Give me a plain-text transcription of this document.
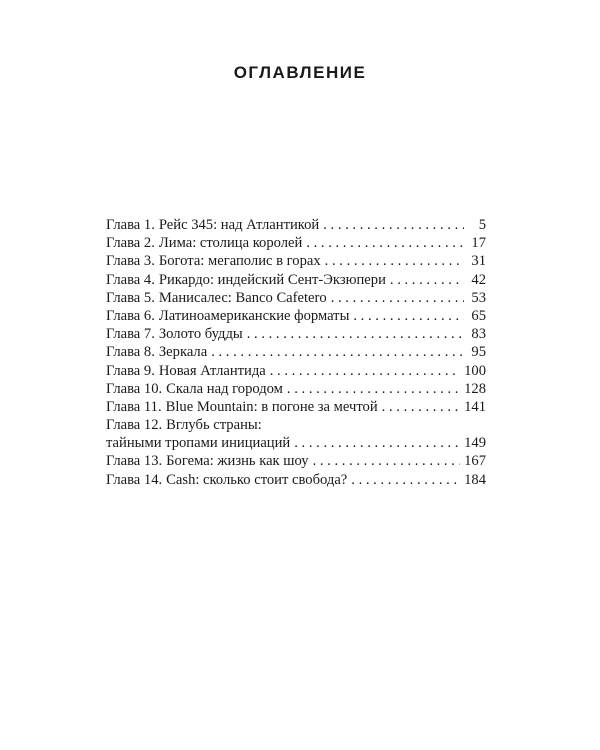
ОГЛАВЛЕНИЕ
Глава 1. Рейс 345: над Атлантикой . . .	5
Глава 2. Лима: столица королей . . .	17
Глава 3. Богота: мегаполис в горах . . .	31
Глава 4. Рикардо: индейский Сент-Экзюпери . . .	42
Глава 5. Манисалес: Banco Cafetero . . .	53
Глава 6. Латиноамериканские форматы . . .	65
Глава 7. Золото будды . . .	83
Глава 8. Зеркала . . .	95
Глава 9. Новая Атлантида . . .	100
Глава 10. Скала над городом . . .	128
Глава 11. Blue Mountain: в погоне за мечтой . . .	141
Глава 12. Вглубь страны:
тайными тропами инициаций . . .	149
Глава 13. Богема: жизнь как шоу . . .	167
Глава 14. Cash: сколько стоит свобода? . . .	184
